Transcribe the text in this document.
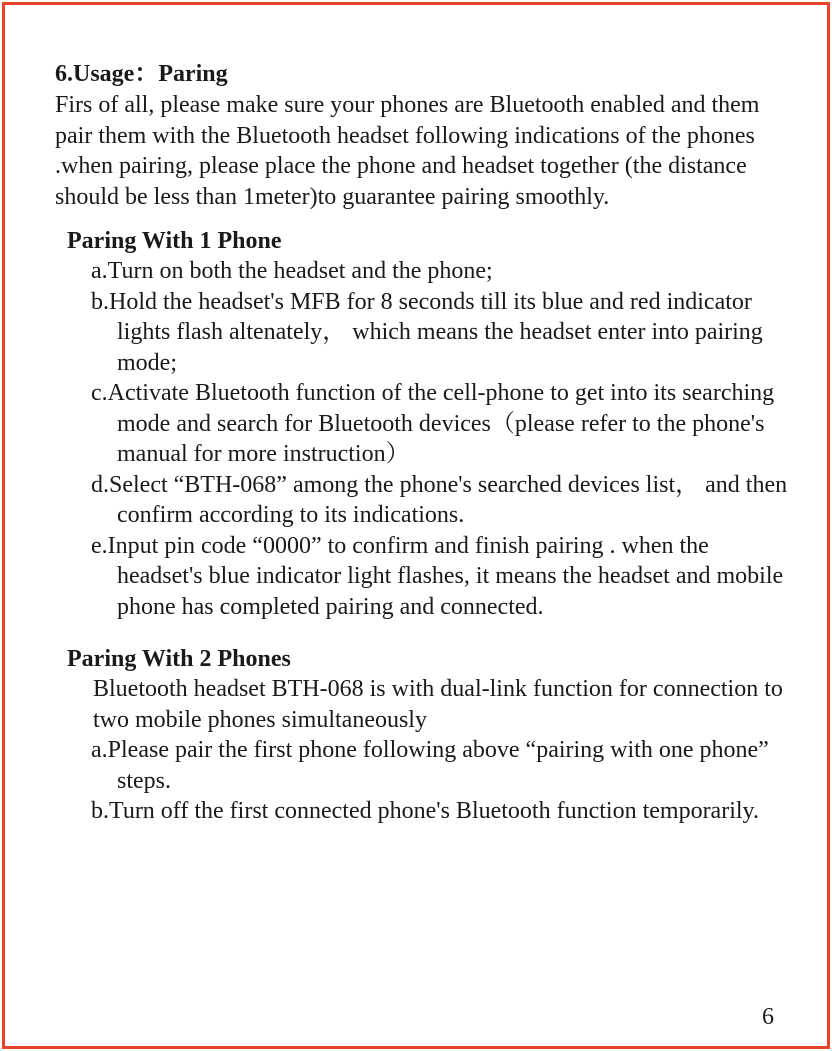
6.Usage：Paring

Firs of all, please make sure your phones are Bluetooth enabled and them pair them with the Bluetooth headset following indications of the phones .when pairing, please place the phone and headset together (the distance should be less than 1meter)to guarantee pairing smoothly.

Paring With 1 Phone

a.Turn on both the headset and the phone;

b.Hold the headset's MFB for 8 seconds till its blue and red indicator lights flash altenately， which means the headset enter into pairing mode;

c.Activate Bluetooth function of the cell-phone to get into its searching mode and search for Bluetooth devices（please refer to the phone's manual for more instruction）

d.Select “BTH-068” among the phone's searched devices list， and then confirm according to its indications.

e.Input pin code “0000” to confirm and finish pairing . when the headset's blue indicator light flashes, it means the headset and mobile phone has completed pairing and connected.

Paring With 2 Phones

Bluetooth headset BTH-068 is with dual-link function for connection to two mobile phones simultaneously

a.Please pair the first phone following above “pairing with one phone” steps.

b.Turn off the first connected phone's Bluetooth function temporarily.

6
